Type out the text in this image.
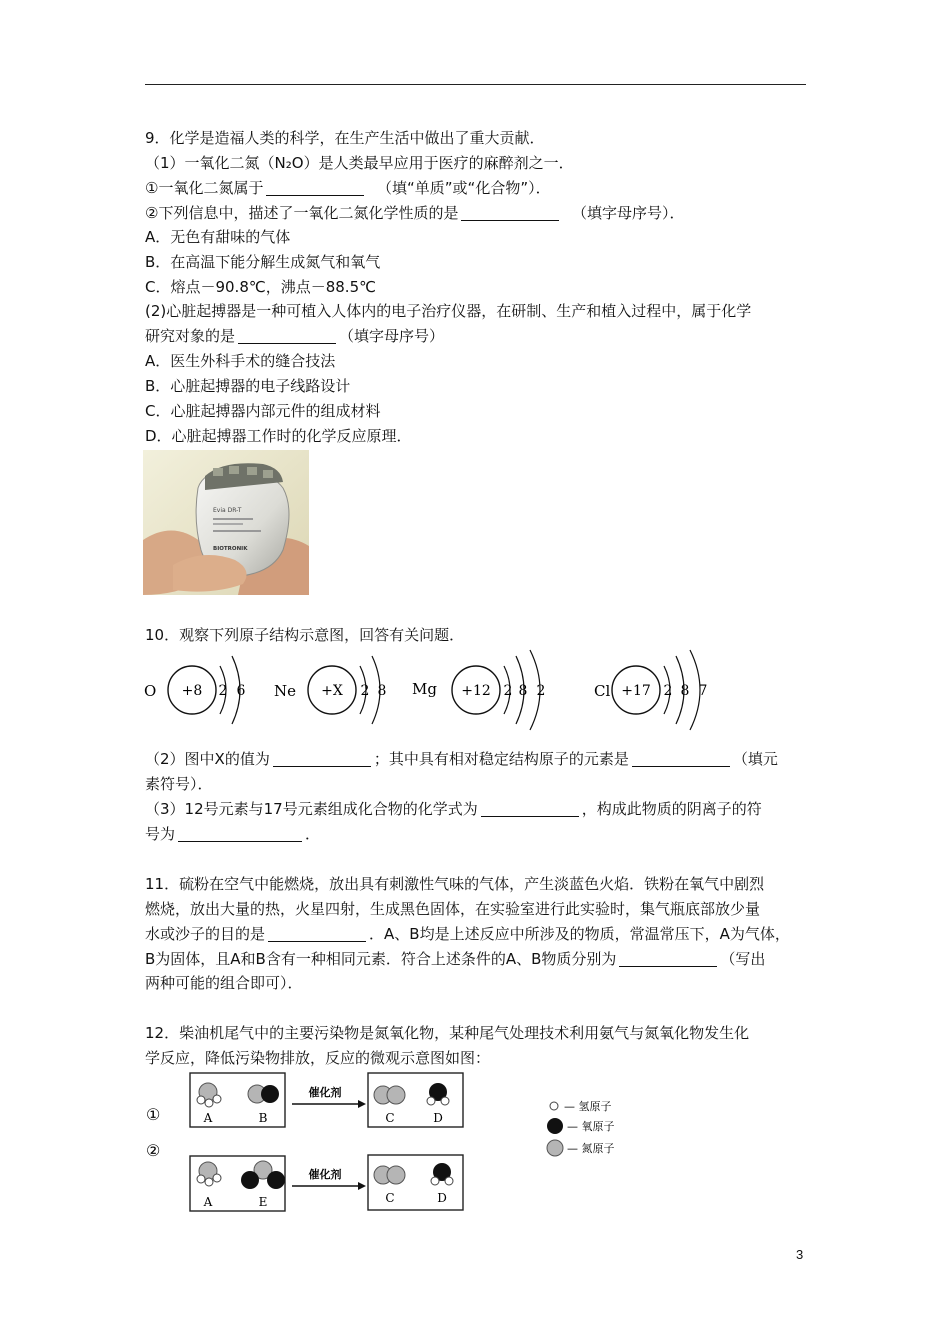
9．化学是造福人类的科学，在生产生活中做出了重大贡献．
（1）一氧化二氮（N₂O）是人类最早应用于医疗的麻醉剂之一．
①一氧化二氮属于	（填“单质”或“化合物”）．
②下列信息中，描述了一氧化二氮化学性质的是	（填字母序号）．
A．无色有甜味的气体
B．在高温下能分解生成氮气和氧气
C．熔点－90.8℃，沸点－88.5℃
(2)心脏起搏器是一种可植入人体内的电子治疗仪器，在研制、生产和植入过程中，属于化学
研究对象的是	（填字母序号）
A．医生外科手术的缝合技法
B．心脏起搏器的电子线路设计
C．心脏起搏器内部元件的组成材料
D．心脏起搏器工作时的化学反应原理．
Evia DR-T
BIOTRONIK
10．观察下列原子结构示意图，回答有关问题．
O +8 2 6 Ne +X 2 8 Mg +12 2 8 2	Cl +17 2 8 7
（2）图中X的值为	；其中具有相对稳定结构原子的元素是	（填元
素符号）．
（3）12号元素与17号元素组成化合物的化学式为	，构成此物质的阴离子的符
号为	．
11．硫粉在空气中能燃烧，放出具有刺激性气味的气体，产生淡蓝色火焰．铁粉在氧气中剧烈
燃烧，放出大量的热，火星四射，生成黑色固体，在实验室进行此实验时，集气瓶底部放少量
水或沙子的目的是	．A、B均是上述反应中所涉及的物质，常温常压下，A为气体，
B为固体，且A和B含有一种相同元素．符合上述条件的A、B物质分别为	（写出
两种可能的组合即可）．
12．柴油机尾气中的主要污染物是氮氧化物，某种尾气处理技术利用氨气与氮氧化物发生化
学反应，降低污染物排放，反应的微观示意图如图：
①	A	B
催化剂
C	D
②
A	E
催化剂
C	D
— 氢原子
— 氧原子
— 氮原子
3
